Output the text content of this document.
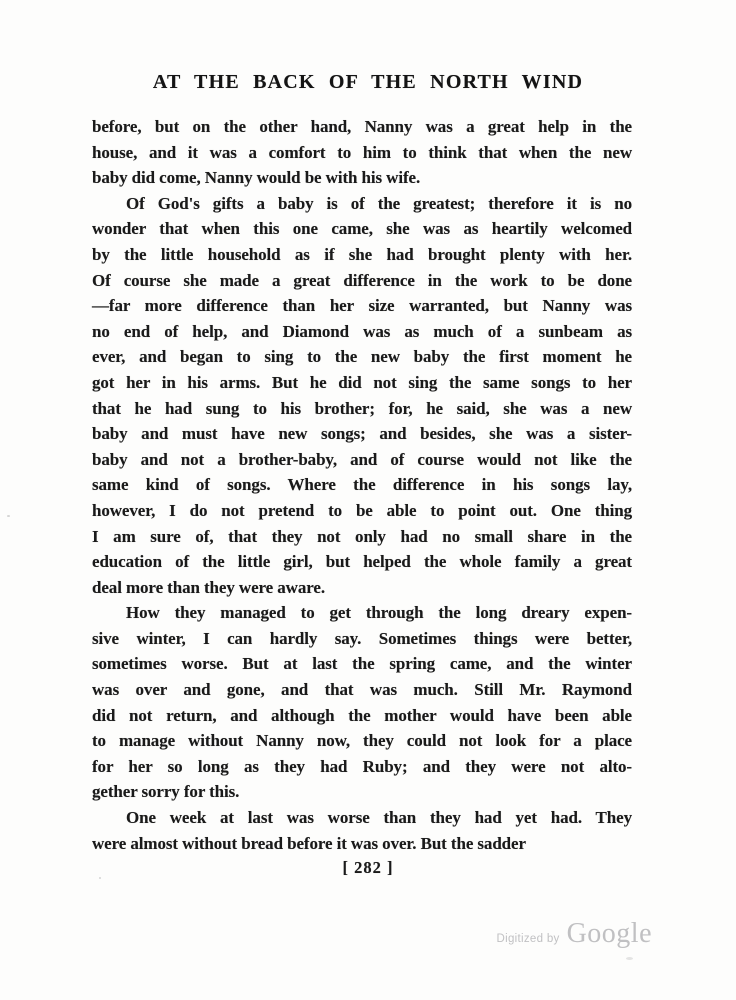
AT THE BACK OF THE NORTH WIND
before, but on the other hand, Nanny was a great help in the
house, and it was a comfort to him to think that when the new
baby did come, Nanny would be with his wife.
Of God's gifts a baby is of the greatest; therefore it is no
wonder that when this one came, she was as heartily welcomed
by the little household as if she had brought plenty with her.
Of course she made a great difference in the work to be done
—far more difference than her size warranted, but Nanny was
no end of help, and Diamond was as much of a sunbeam as
ever, and began to sing to the new baby the first moment he
got her in his arms. But he did not sing the same songs to her
that he had sung to his brother; for, he said, she was a new
baby and must have new songs; and besides, she was a sister-
baby and not a brother-baby, and of course would not like the
same kind of songs. Where the difference in his songs lay,
however, I do not pretend to be able to point out. One thing
I am sure of, that they not only had no small share in the
education of the little girl, but helped the whole family a great
deal more than they were aware.
How they managed to get through the long dreary expen-
sive winter, I can hardly say. Sometimes things were better,
sometimes worse. But at last the spring came, and the winter
was over and gone, and that was much. Still Mr. Raymond
did not return, and although the mother would have been able
to manage without Nanny now, they could not look for a place
for her so long as they had Ruby; and they were not alto-
gether sorry for this.
One week at last was worse than they had yet had. They
were almost without bread before it was over. But the sadder
[ 282 ]
Digitized by Google
